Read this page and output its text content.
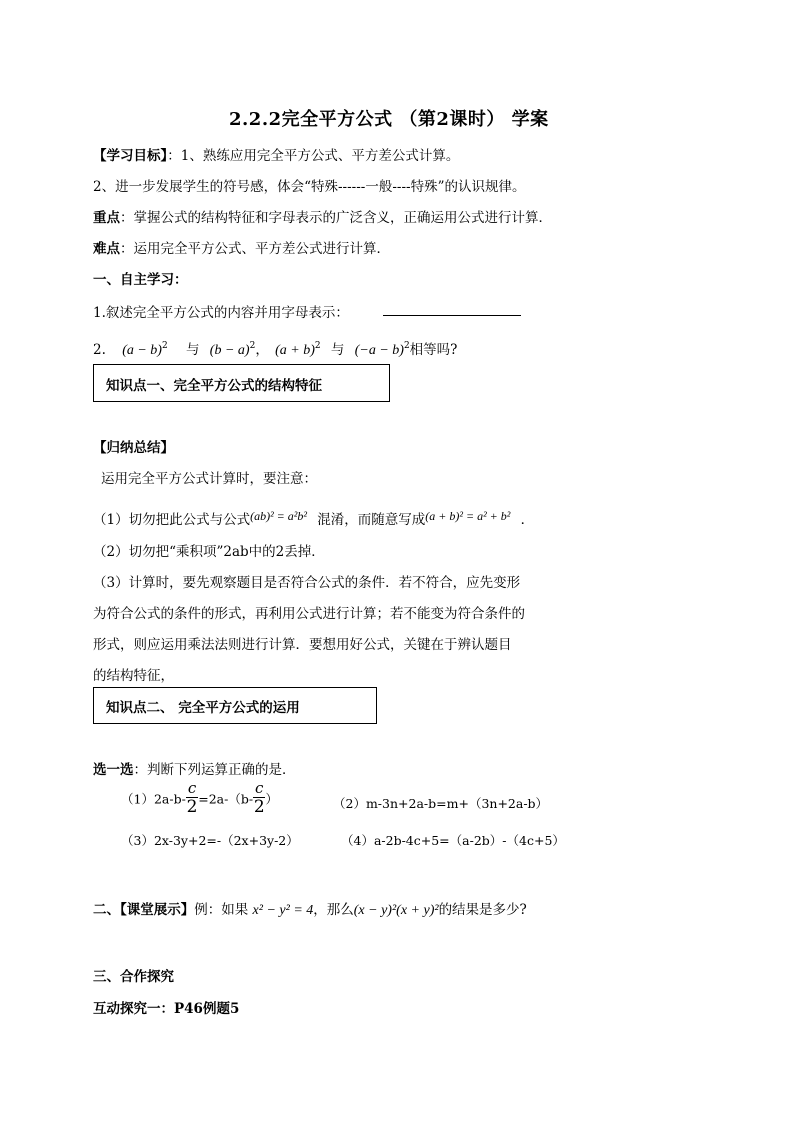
2.2.2完全平方公式 （第2课时） 学案
【学习目标】：1、熟练应用完全平方公式、平方差公式计算。
2、进一步发展学生的符号感，体会“特殊------一般----特殊”的认识规律。
重点：掌握公式的结构特征和字母表示的广泛含义，正确运用公式进行计算．
难点：运用完全平方公式、平方差公式进行计算．
一、自主学习：
1.叙述完全平方公式的内容并用字母表示：
2. $(a - b)^2$ 与 $(b - a)^2$， $(a + b)^2$ 与 $(-a - b)^2$相等吗?
知识点一、完全平方公式的结构特征
【归纳总结】
运用完全平方公式计算时，要注意：
（1）切勿把此公式与公式(ab)² = a²b² 混淆，而随意写成(a + b)² = a² + b² ．
（2）切勿把“乘积项”2ab中的2丢掉．
（3）计算时，要先观察题目是否符合公式的条件．若不符合，应先变形
为符合公式的条件的形式，再利用公式进行计算；若不能变为符合条件的
形式，则应运用乘法法则进行计算．要想用好公式，关键在于辨认题目
的结构特征，
知识点二、 完全平方公式的运用
选一选：判断下列运算正确的是．
$(1)2a-b- \frac{c}{2} =2a-(b- \frac{c}{2}$ ）	（2）m-3n+2a-b=m+（3n+2a-b）
（3）2x-3y+2=-（2x+3y-2）	（4）a-2b-4c+5=（a-2b）-（4c+5）
二、【课堂展示】例：如果 x² − y² = 4，那么(x − y)²(x + y)²的结果是多少?
三、合作探究
互动探究一：P46例题5
